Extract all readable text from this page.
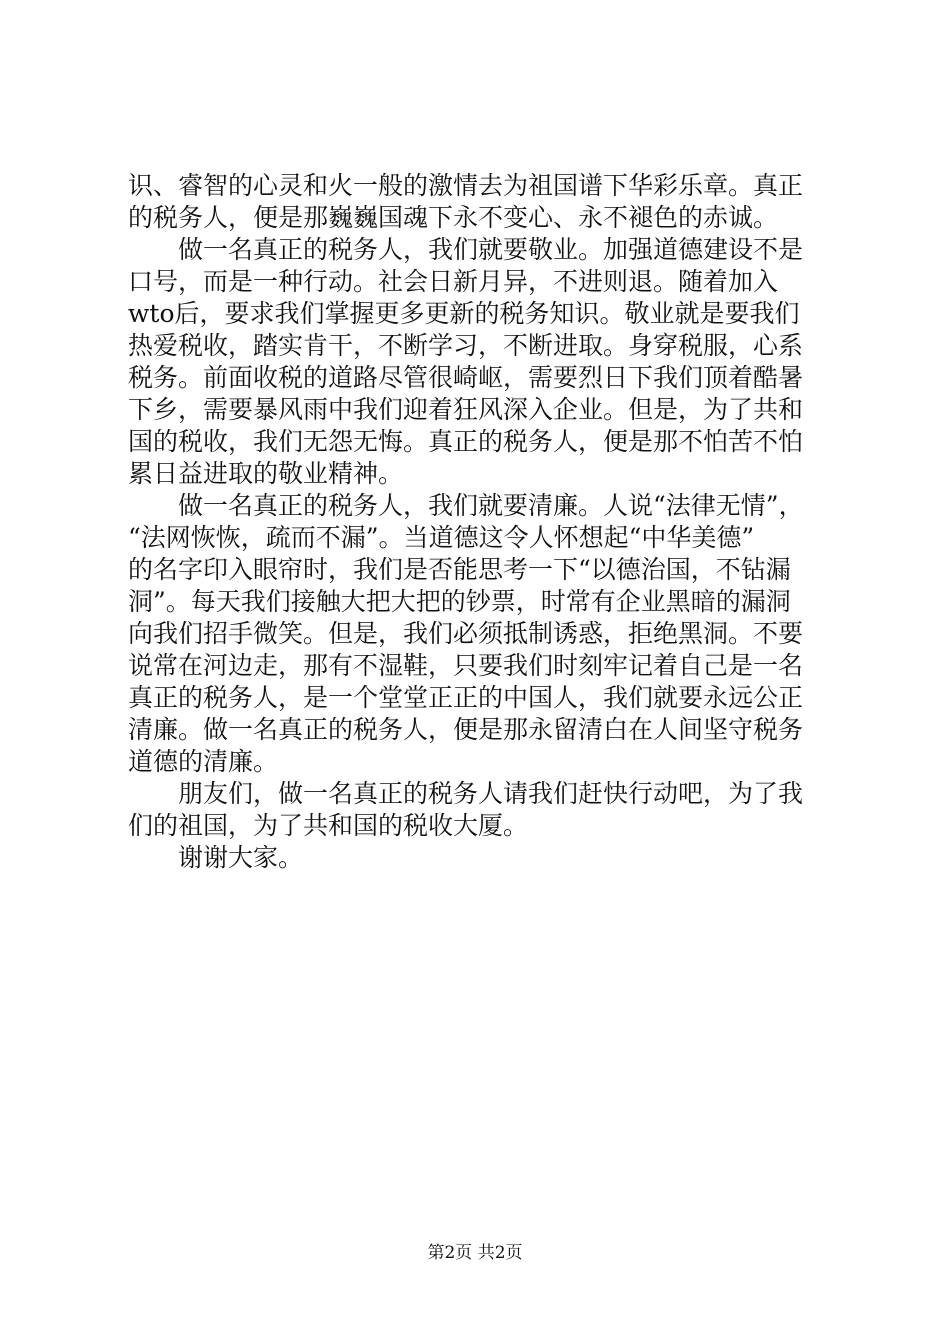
识、睿智的心灵和火一般的激情去为祖国谱下华彩乐章。真正
的税务人，便是那巍巍国魂下永不变心、永不褪色的赤诚。
　　做一名真正的税务人，我们就要敬业。加强道德建设不是
口号，而是一种行动。社会日新月异，不进则退。随着加入
wto后，要求我们掌握更多更新的税务知识。敬业就是要我们
热爱税收，踏实肯干，不断学习，不断进取。身穿税服，心系
税务。前面收税的道路尽管很崎岖，需要烈日下我们顶着酷暑
下乡，需要暴风雨中我们迎着狂风深入企业。但是，为了共和
国的税收，我们无怨无悔。真正的税务人，便是那不怕苦不怕
累日益进取的敬业精神。
　　做一名真正的税务人，我们就要清廉。人说“法律无情”，
“法网恢恢，疏而不漏”。当道德这令人怀想起“中华美德”
的名字印入眼帘时，我们是否能思考一下“以德治国，不钻漏
洞”。每天我们接触大把大把的钞票，时常有企业黑暗的漏洞
向我们招手微笑。但是，我们必须抵制诱惑，拒绝黑洞。不要
说常在河边走，那有不湿鞋，只要我们时刻牢记着自己是一名
真正的税务人，是一个堂堂正正的中国人，我们就要永远公正
清廉。做一名真正的税务人，便是那永留清白在人间坚守税务
道德的清廉。
　　朋友们，做一名真正的税务人请我们赶快行动吧，为了我
们的祖国，为了共和国的税收大厦。
　　谢谢大家。
第2页 共2页
